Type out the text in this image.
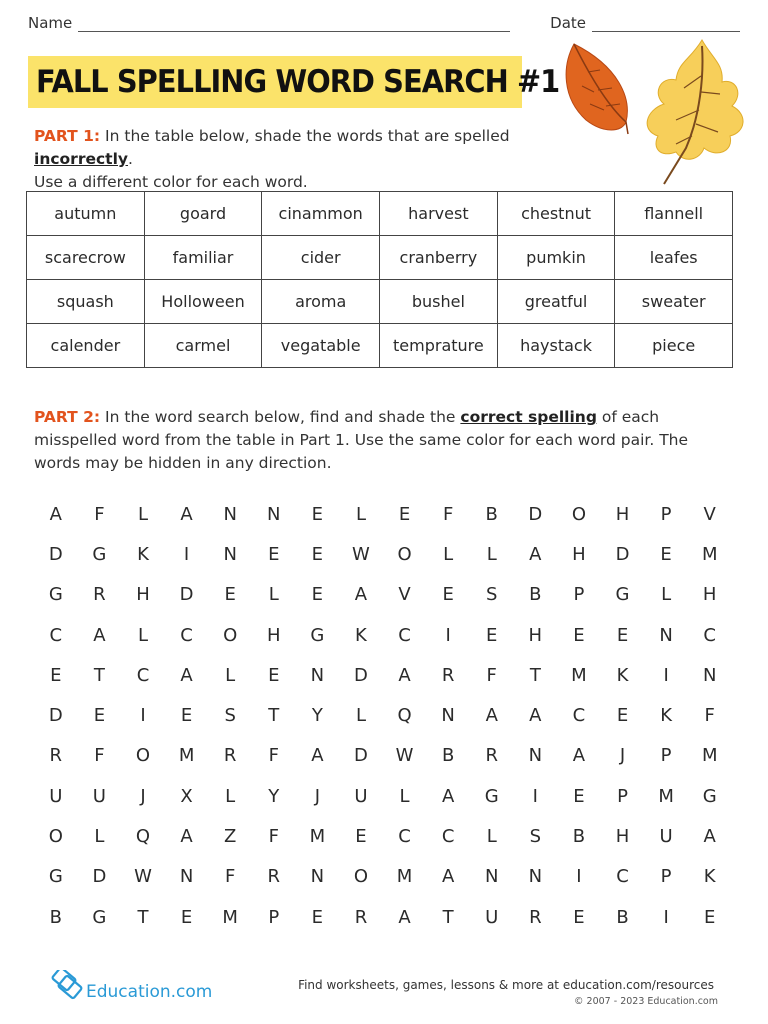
Name	Date
FALL SPELLING WORD SEARCH #1
PART 1: In the table below, shade the words that are spelled incorrectly.
Use a different color for each word.
autumn	goard	cinammon	harvest	chestnut	flannell
scarecrow	familiar	cider	cranberry	pumkin	leafes
squash	Holloween	aroma	bushel	greatful	sweater
calender	carmel	vegatable	temprature	haystack	piece
PART 2: In the word search below, find and shade the correct spelling of each misspelled word from the table in Part 1. Use the same color for each word pair. The words may be hidden in any direction.
A	F	L	A	N	N	E	L	E	F	B	D	O	H	P	V
D	G	K	I	N	E	E	W	O	L	L	A	H	D	E	M
G	R	H	D	E	L	E	A	V	E	S	B	P	G	L	H
C	A	L	C	O	H	G	K	C	I	E	H	E	E	N	C
E	T	C	A	L	E	N	D	A	R	F	T	M	K	I	N
D	E	I	E	S	T	Y	L	Q	N	A	A	C	E	K	F
R	F	O	M	R	F	A	D	W	B	R	N	A	J	P	M
U	U	J	X	L	Y	J	U	L	A	G	I	E	P	M	G
O	L	Q	A	Z	F	M	E	C	C	L	S	B	H	U	A
G	D	W	N	F	R	N	O	M	A	N	N	I	C	P	K
B	G	T	E	M	P	E	R	A	T	U	R	E	B	I	E
Education.com	Find worksheets, games, lessons & more at education.com/resources
© 2007 - 2023 Education.com
